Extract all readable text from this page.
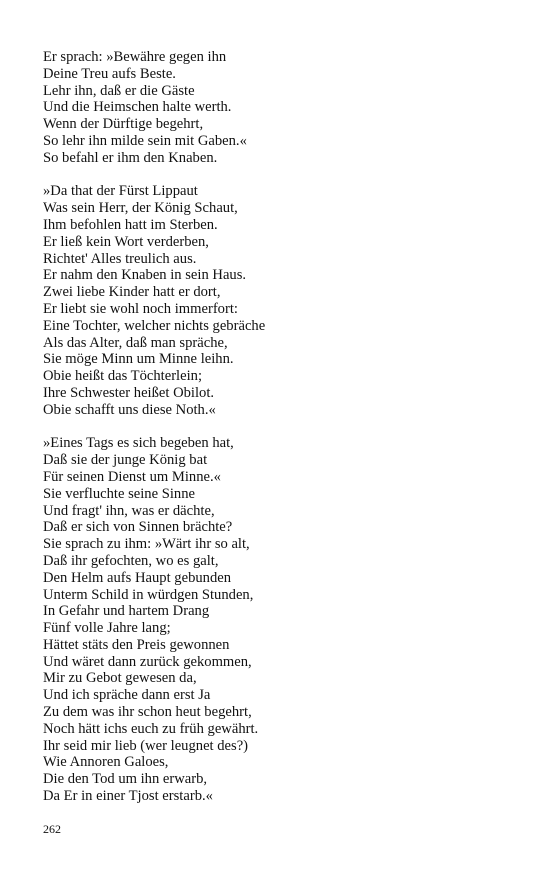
Er sprach: »Bewähre gegen ihn
Deine Treu aufs Beste.
Lehr ihn, daß er die Gäste
Und die Heimschen halte werth.
Wenn der Dürftige begehrt,
So lehr ihn milde sein mit Gaben.«
So befahl er ihm den Knaben.
»Da that der Fürst Lippaut
Was sein Herr, der König Schaut,
Ihm befohlen hatt im Sterben.
Er ließ kein Wort verderben,
Richtet' Alles treulich aus.
Er nahm den Knaben in sein Haus.
Zwei liebe Kinder hatt er dort,
Er liebt sie wohl noch immerfort:
Eine Tochter, welcher nichts gebräche
Als das Alter, daß man spräche,
Sie möge Minn um Minne leihn.
Obie heißt das Töchterlein;
Ihre Schwester heißet Obilot.
Obie schafft uns diese Noth.«
»Eines Tags es sich begeben hat,
Daß sie der junge König bat
Für seinen Dienst um Minne.«
Sie verfluchte seine Sinne
Und fragt' ihn, was er dächte,
Daß er sich von Sinnen brächte?
Sie sprach zu ihm: »Wärt ihr so alt,
Daß ihr gefochten, wo es galt,
Den Helm aufs Haupt gebunden
Unterm Schild in würdgen Stunden,
In Gefahr und hartem Drang
Fünf volle Jahre lang;
Hättet stäts den Preis gewonnen
Und wäret dann zurück gekommen,
Mir zu Gebot gewesen da,
Und ich spräche dann erst Ja
Zu dem was ihr schon heut begehrt,
Noch hätt ichs euch zu früh gewährt.
Ihr seid mir lieb (wer leugnet des?)
Wie Annoren Galoes,
Die den Tod um ihn erwarb,
Da Er in einer Tjost erstarb.«
262
